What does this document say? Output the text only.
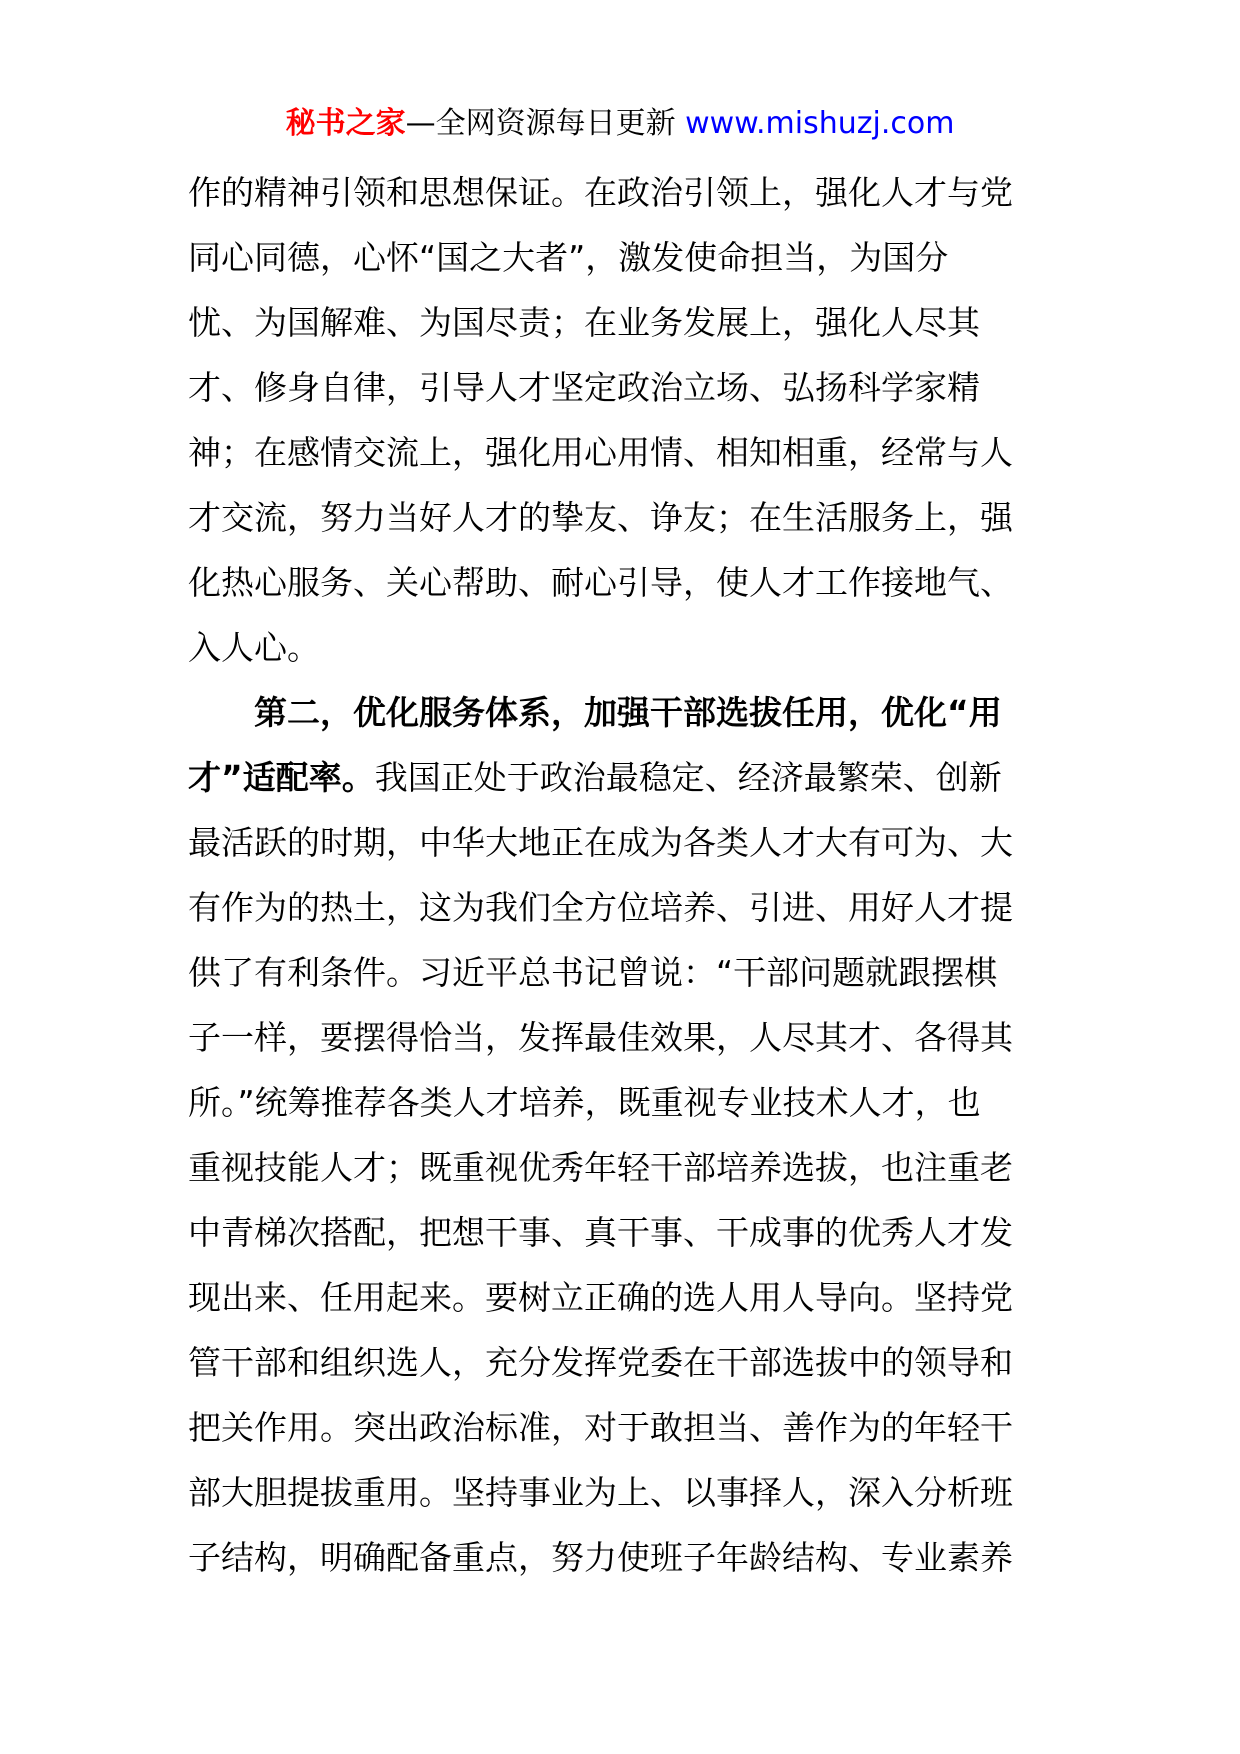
秘书之家—全网资源每日更新 www.mishuzj.com
作的精神引领和思想保证。在政治引领上，强化人才与党
同心同德，心怀“国之大者”，激发使命担当，为国分
忧、为国解难、为国尽责；在业务发展上，强化人尽其
才、修身自律，引导人才坚定政治立场、弘扬科学家精
神；在感情交流上，强化用心用情、相知相重，经常与人
才交流，努力当好人才的挚友、诤友；在生活服务上，强
化热心服务、关心帮助、耐心引导，使人才工作接地气、
入人心。
第二，优化服务体系，加强干部选拔任用，优化“用
才”适配率。我国正处于政治最稳定、经济最繁荣、创新
最活跃的时期，中华大地正在成为各类人才大有可为、大
有作为的热土，这为我们全方位培养、引进、用好人才提
供了有利条件。习近平总书记曾说：“干部问题就跟摆棋
子一样，要摆得恰当，发挥最佳效果，人尽其才、各得其
所。”统筹推荐各类人才培养，既重视专业技术人才，也
重视技能人才；既重视优秀年轻干部培养选拔，也注重老
中青梯次搭配，把想干事、真干事、干成事的优秀人才发
现出来、任用起来。要树立正确的选人用人导向。坚持党
管干部和组织选人，充分发挥党委在干部选拔中的领导和
把关作用。突出政治标准，对于敢担当、善作为的年轻干
部大胆提拔重用。坚持事业为上、以事择人，深入分析班
子结构，明确配备重点，努力使班子年龄结构、专业素养
